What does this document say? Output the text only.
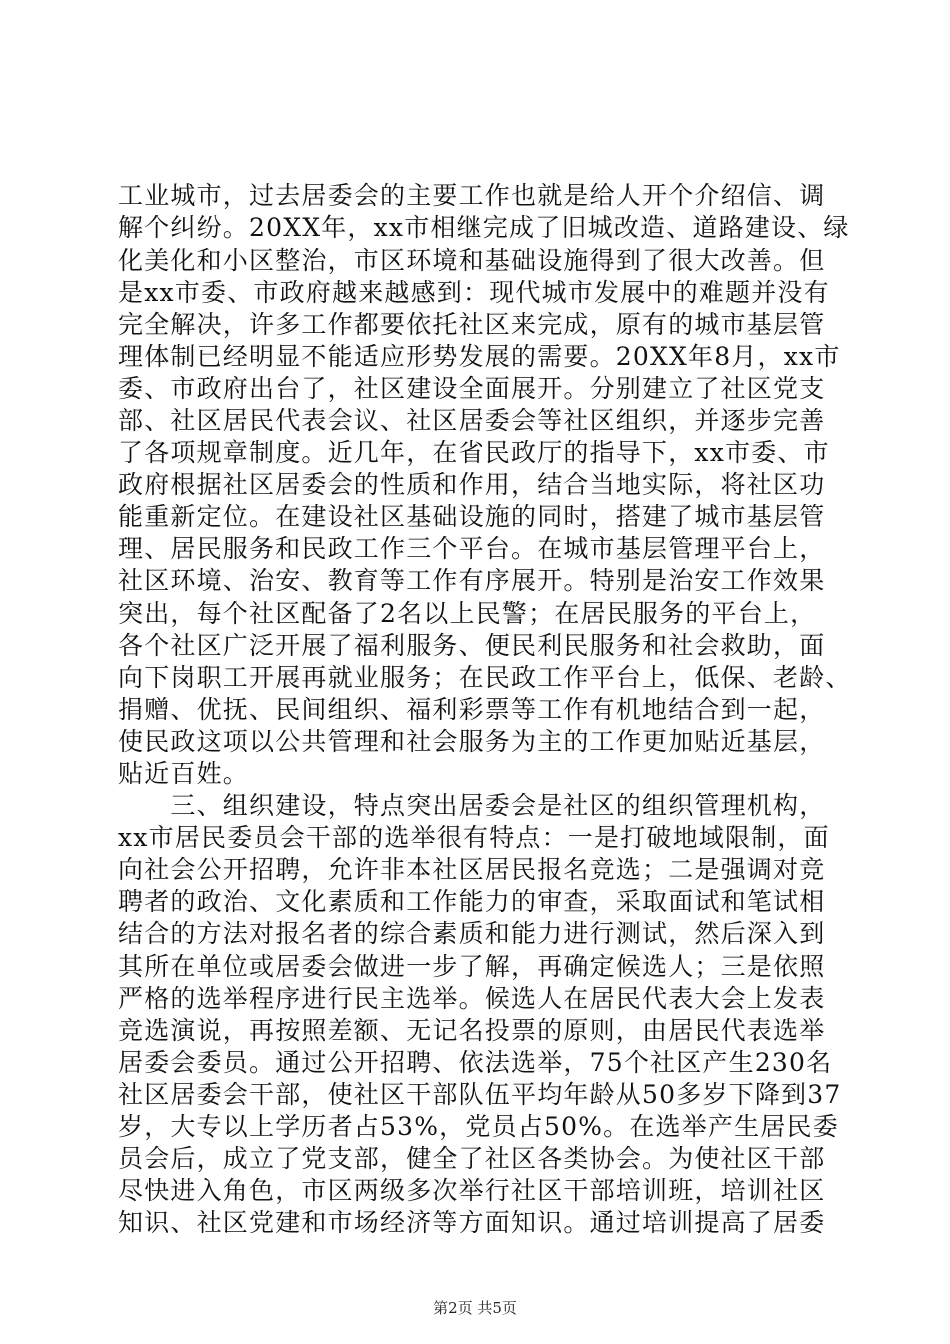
工业城市，过去居委会的主要工作也就是给人开个介绍信、调
解个纠纷。20XX年，xx市相继完成了旧城改造、道路建设、绿
化美化和小区整治，市区环境和基础设施得到了很大改善。但
是xx市委、市政府越来越感到：现代城市发展中的难题并没有
完全解决，许多工作都要依托社区来完成，原有的城市基层管
理体制已经明显不能适应形势发展的需要。20XX年8月，xx市
委、市政府出台了，社区建设全面展开。分别建立了社区党支
部、社区居民代表会议、社区居委会等社区组织，并逐步完善
了各项规章制度。近几年，在省民政厅的指导下，xx市委、市
政府根据社区居委会的性质和作用，结合当地实际，将社区功
能重新定位。在建设社区基础设施的同时，搭建了城市基层管
理、居民服务和民政工作三个平台。在城市基层管理平台上，
社区环境、治安、教育等工作有序展开。特别是治安工作效果
突出，每个社区配备了2名以上民警；在居民服务的平台上，
各个社区广泛开展了福利服务、便民利民服务和社会救助，面
向下岗职工开展再就业服务；在民政工作平台上，低保、老龄、
捐赠、优抚、民间组织、福利彩票等工作有机地结合到一起，
使民政这项以公共管理和社会服务为主的工作更加贴近基层，
贴近百姓。
　　三、组织建设，特点突出居委会是社区的组织管理机构，
xx市居民委员会干部的选举很有特点：一是打破地域限制，面
向社会公开招聘，允许非本社区居民报名竞选；二是强调对竞
聘者的政治、文化素质和工作能力的审查，采取面试和笔试相
结合的方法对报名者的综合素质和能力进行测试，然后深入到
其所在单位或居委会做进一步了解，再确定候选人；三是依照
严格的选举程序进行民主选举。候选人在居民代表大会上发表
竞选演说，再按照差额、无记名投票的原则，由居民代表选举
居委会委员。通过公开招聘、依法选举，75个社区产生230名
社区居委会干部，使社区干部队伍平均年龄从50多岁下降到37
岁，大专以上学历者占53%，党员占50%。在选举产生居民委
员会后，成立了党支部，健全了社区各类协会。为使社区干部
尽快进入角色，市区两级多次举行社区干部培训班，培训社区
知识、社区党建和市场经济等方面知识。通过培训提高了居委
第2页 共5页
